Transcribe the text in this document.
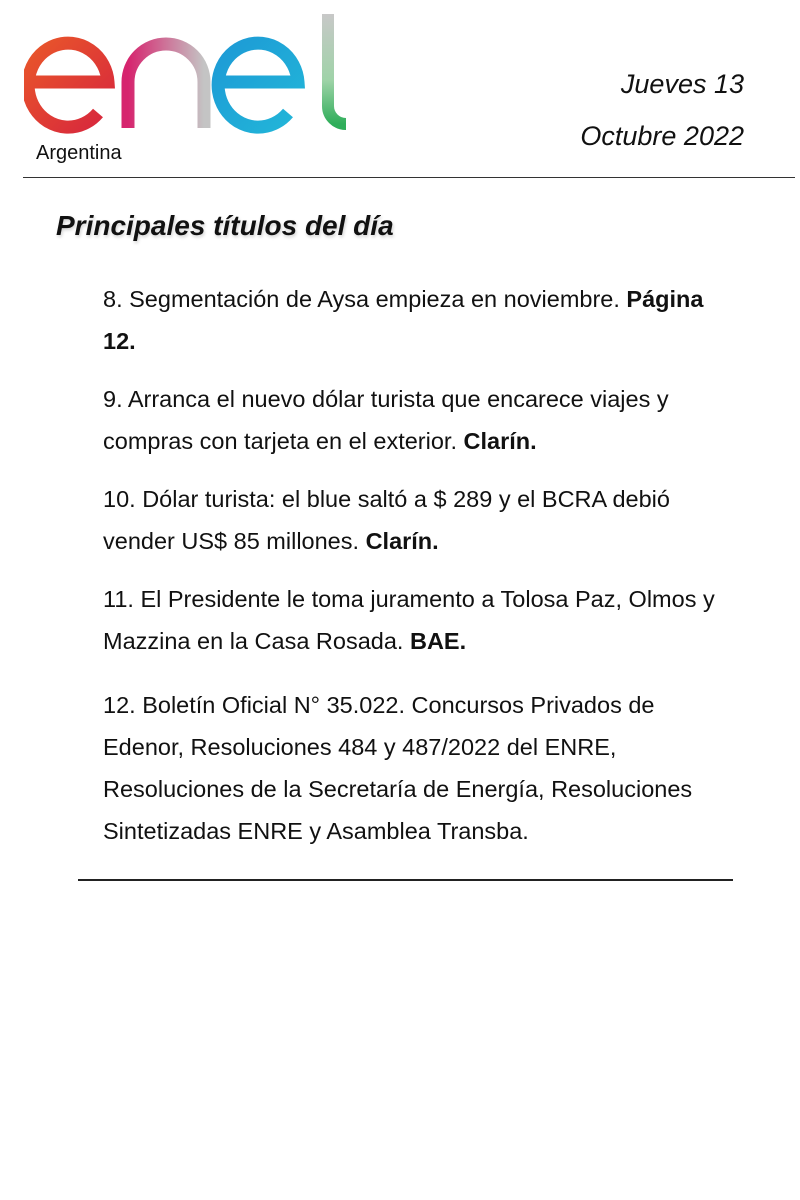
Argentina
Jueves 13
Octubre 2022
Principales títulos del día

8. Segmentación de Aysa empieza en noviembre. Página 12.

9. Arranca el nuevo dólar turista que encarece viajes y compras con tarjeta en el exterior. Clarín.

10. Dólar turista: el blue saltó a $ 289 y el BCRA debió vender US$ 85 millones. Clarín.

11. El Presidente le toma juramento a Tolosa Paz, Olmos y Mazzina en la Casa Rosada. BAE.

12. Boletín Oficial N° 35.022. Concursos Privados de Edenor, Resoluciones 484 y 487/2022 del ENRE, Resoluciones de la Secretaría de Energía, Resoluciones Sintetizadas ENRE y Asamblea Transba.
